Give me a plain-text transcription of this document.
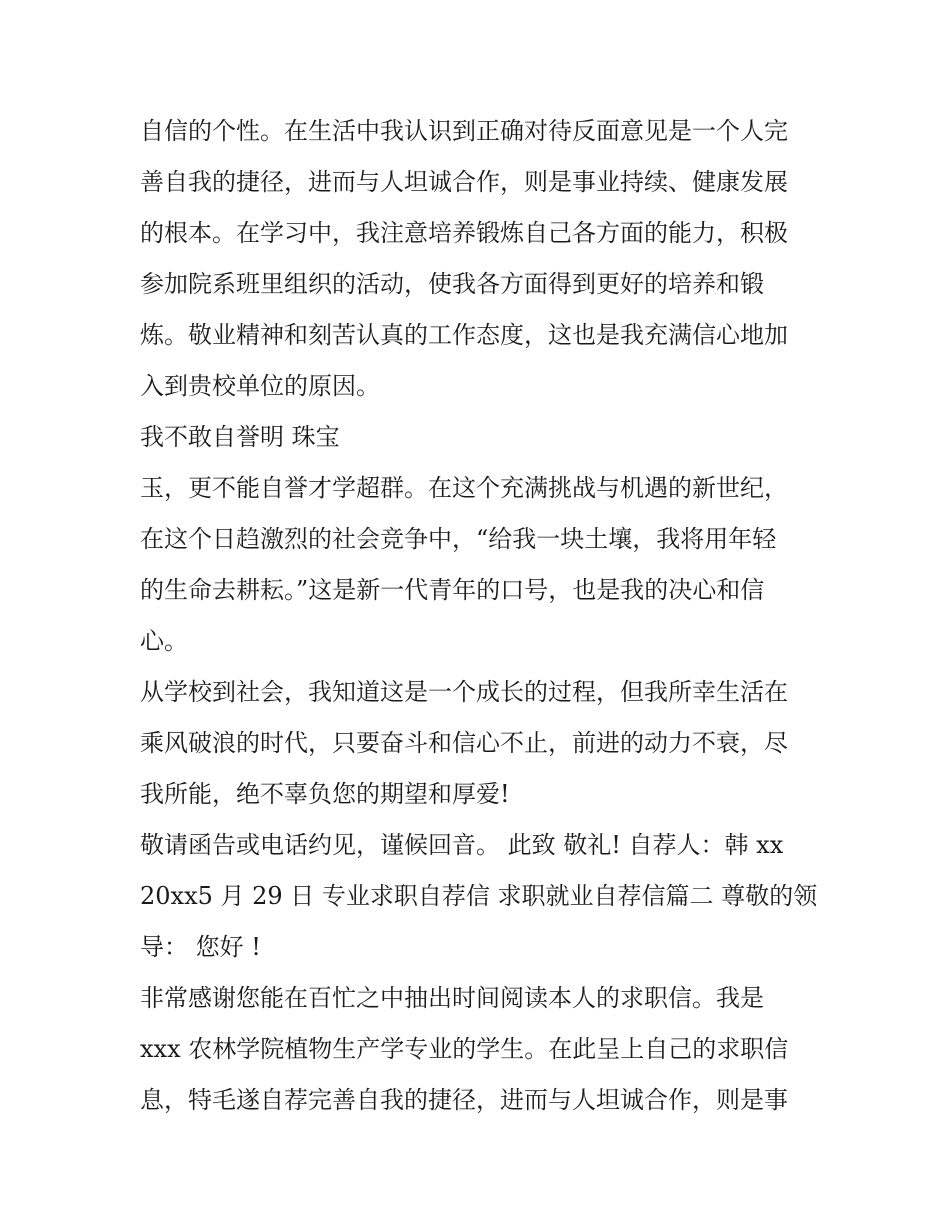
自信的个性。在生活中我认识到正确对待反面意见是一个人完
善自我的捷径，进而与人坦诚合作，则是事业持续、健康发展
的根本。在学习中，我注意培养锻炼自己各方面的能力，积极
参加院系班里组织的活动，使我各方面得到更好的培养和锻
炼。敬业精神和刻苦认真的工作态度，这也是我充满信心地加
入到贵校单位的原因。
我不敢自誉明 珠宝
玉，更不能自誉才学超群。在这个充满挑战与机遇的新世纪，
在这个日趋激烈的社会竞争中，“给我一块土壤，我将用年轻
的生命去耕耘。”这是新一代青年的口号，也是我的决心和信
心。
从学校到社会，我知道这是一个成长的过程，但我所幸生活在
乘风破浪的时代，只要奋斗和信心不止，前进的动力不衰，尽
我所能，绝不辜负您的期望和厚爱!
敬请函告或电话约见，谨候回音。 此致 敬礼! 自荐人：韩 xx
20xx5 月 29 日 专业求职自荐信 求职就业自荐信篇二 尊敬的领
导： 您好 !
非常感谢您能在百忙之中抽出时间阅读本人的求职信。我是
xxx 农林学院植物生产学专业的学生。在此呈上自己的求职信
息，特毛遂自荐完善自我的捷径，进而与人坦诚合作，则是事
